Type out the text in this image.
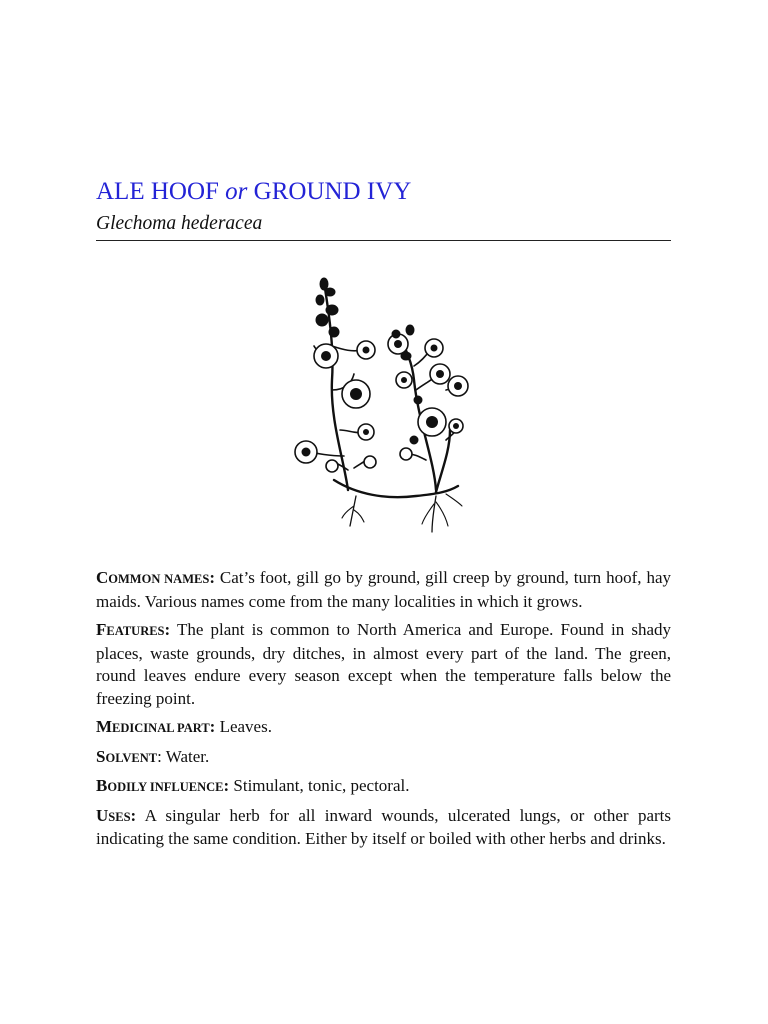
ALE HOOF or GROUND IVY

Glechoma hederacea

COMMON NAMES: Cat’s foot, gill go by ground, gill creep by ground, turn hoof, hay maids. Various names come from the many localities in which it grows.

FEATURES: The plant is common to North America and Europe. Found in shady places, waste grounds, dry ditches, in almost every part of the land. The green, round leaves endure every season except when the temperature falls below the freezing point.

MEDICINAL PART: Leaves.

SOLVENT: Water.

BODILY INFLUENCE: Stimulant, tonic, pectoral.

USES: A singular herb for all inward wounds, ulcerated lungs, or other parts indicating the same condition. Either by itself or boiled with other herbs and drinks.
